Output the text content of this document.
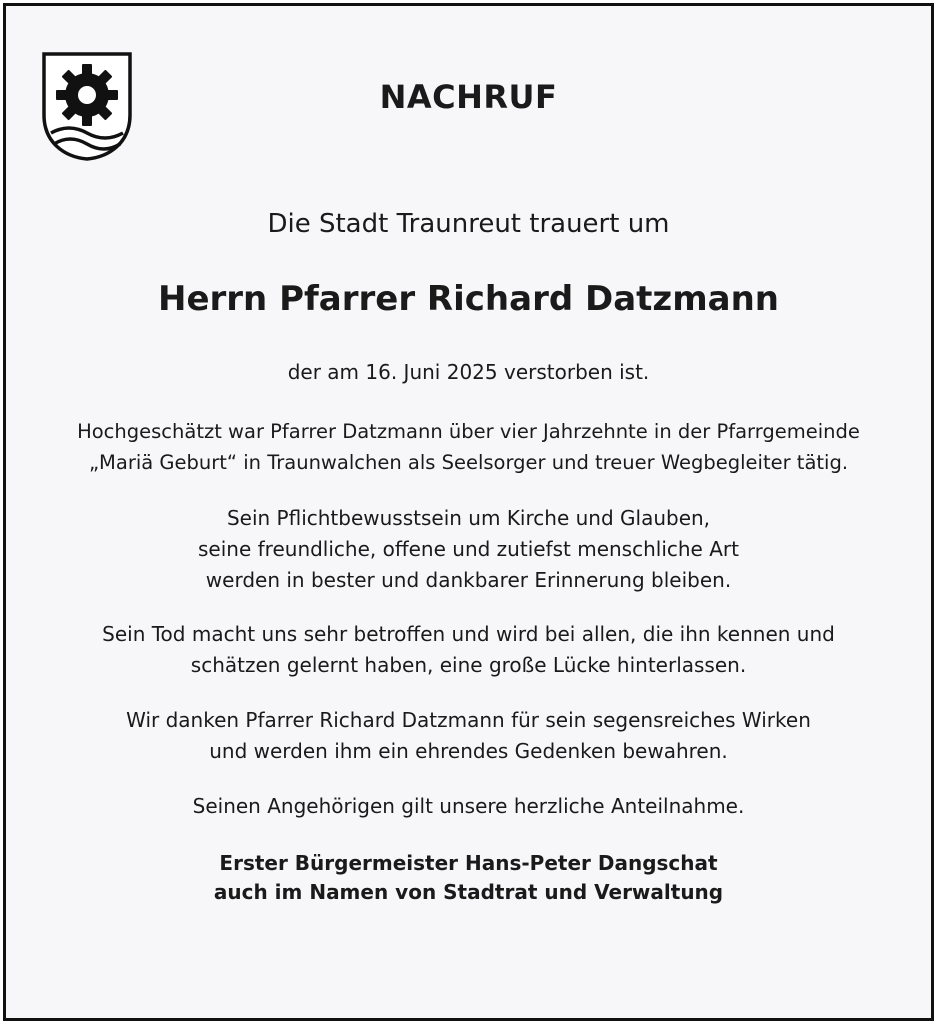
NACHRUF
Die Stadt Traunreut trauert um
Herrn Pfarrer Richard Datzmann
der am 16. Juni 2025 verstorben ist.
Hochgeschätzt war Pfarrer Datzmann über vier Jahrzehnte in der Pfarrgemeinde
„Mariä Geburt“ in Traunwalchen als Seelsorger und treuer Wegbegleiter tätig.
Sein Pflichtbewusstsein um Kirche und Glauben,
seine freundliche, offene und zutiefst menschliche Art
werden in bester und dankbarer Erinnerung bleiben.
Sein Tod macht uns sehr betroffen und wird bei allen, die ihn kennen und
schätzen gelernt haben, eine große Lücke hinterlassen.
Wir danken Pfarrer Richard Datzmann für sein segensreiches Wirken
und werden ihm ein ehrendes Gedenken bewahren.
Seinen Angehörigen gilt unsere herzliche Anteilnahme.
Erster Bürgermeister Hans-Peter Dangschat
auch im Namen von Stadtrat und Verwaltung
